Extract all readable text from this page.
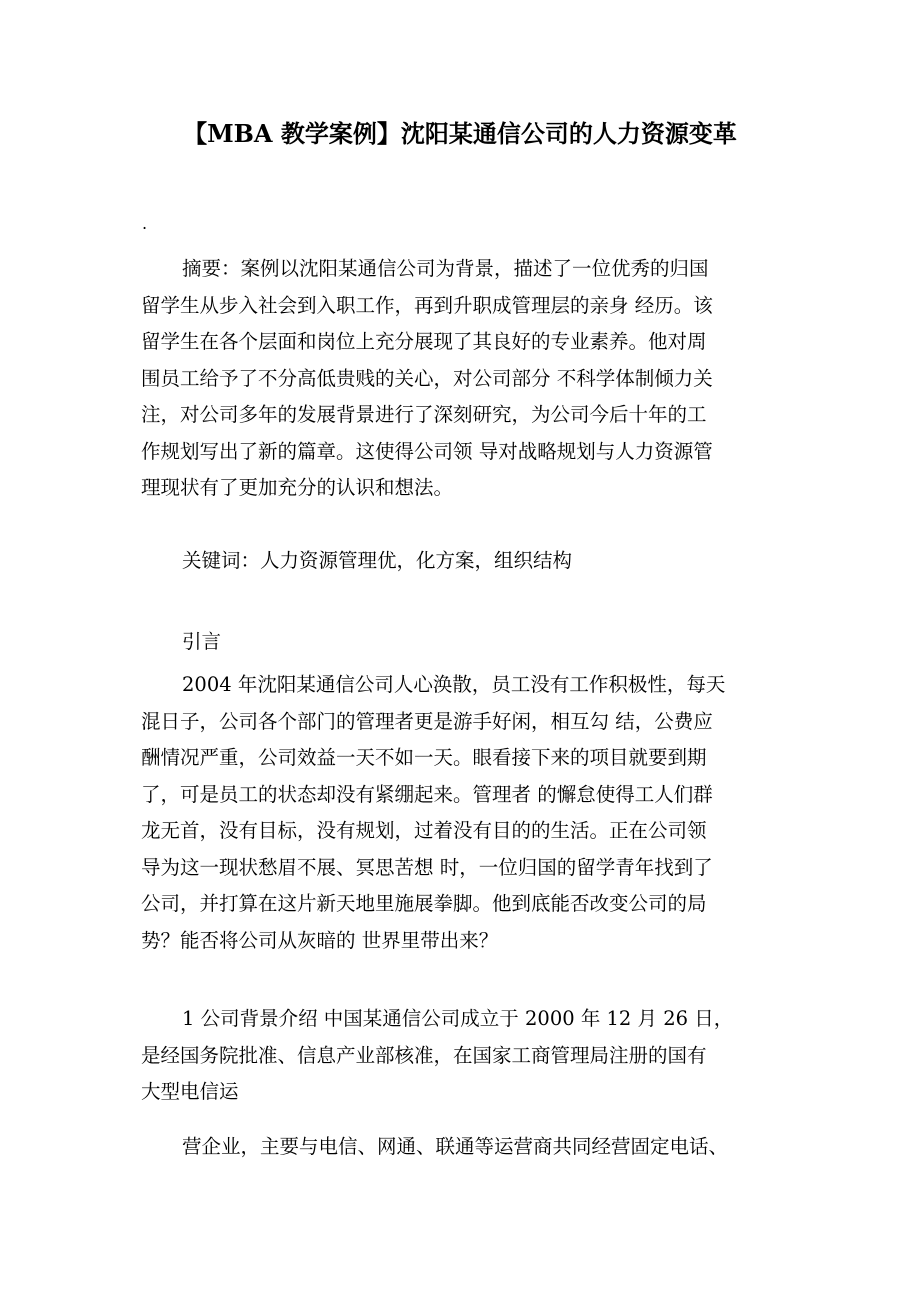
【MBA 教学案例】沈阳某通信公司的人力资源变革
.
摘要：案例以沈阳某通信公司为背景，描述了一位优秀的归国
留学生从步入社会到入职工作，再到升职成管理层的亲身 经历。该
留学生在各个层面和岗位上充分展现了其良好的专业素养。他对周
围员工给予了不分高低贵贱的关心，对公司部分 不科学体制倾力关
注，对公司多年的发展背景进行了深刻研究，为公司今后十年的工
作规划写出了新的篇章。这使得公司领 导对战略规划与人力资源管
理现状有了更加充分的认识和想法。
关键词：人力资源管理优，化方案，组织结构
引言
2004 年沈阳某通信公司人心涣散，员工没有工作积极性，每天
混日子，公司各个部门的管理者更是游手好闲，相互勾 结，公费应
酬情况严重，公司效益一天不如一天。眼看接下来的项目就要到期
了，可是员工的状态却没有紧绷起来。管理者 的懈怠使得工人们群
龙无首，没有目标，没有规划，过着没有目的的生活。正在公司领
导为这一现状愁眉不展、冥思苦想 时，一位归国的留学青年找到了
公司，并打算在这片新天地里施展拳脚。他到底能否改变公司的局
势？能否将公司从灰暗的 世界里带出来？
1 公司背景介绍 中国某通信公司成立于 2000 年 12 月 26 日，
是经国务院批准、信息产业部核准，在国家工商管理局注册的国有
大型电信运
营企业，主要与电信、网通、联通等运营商共同经营固定电话、
